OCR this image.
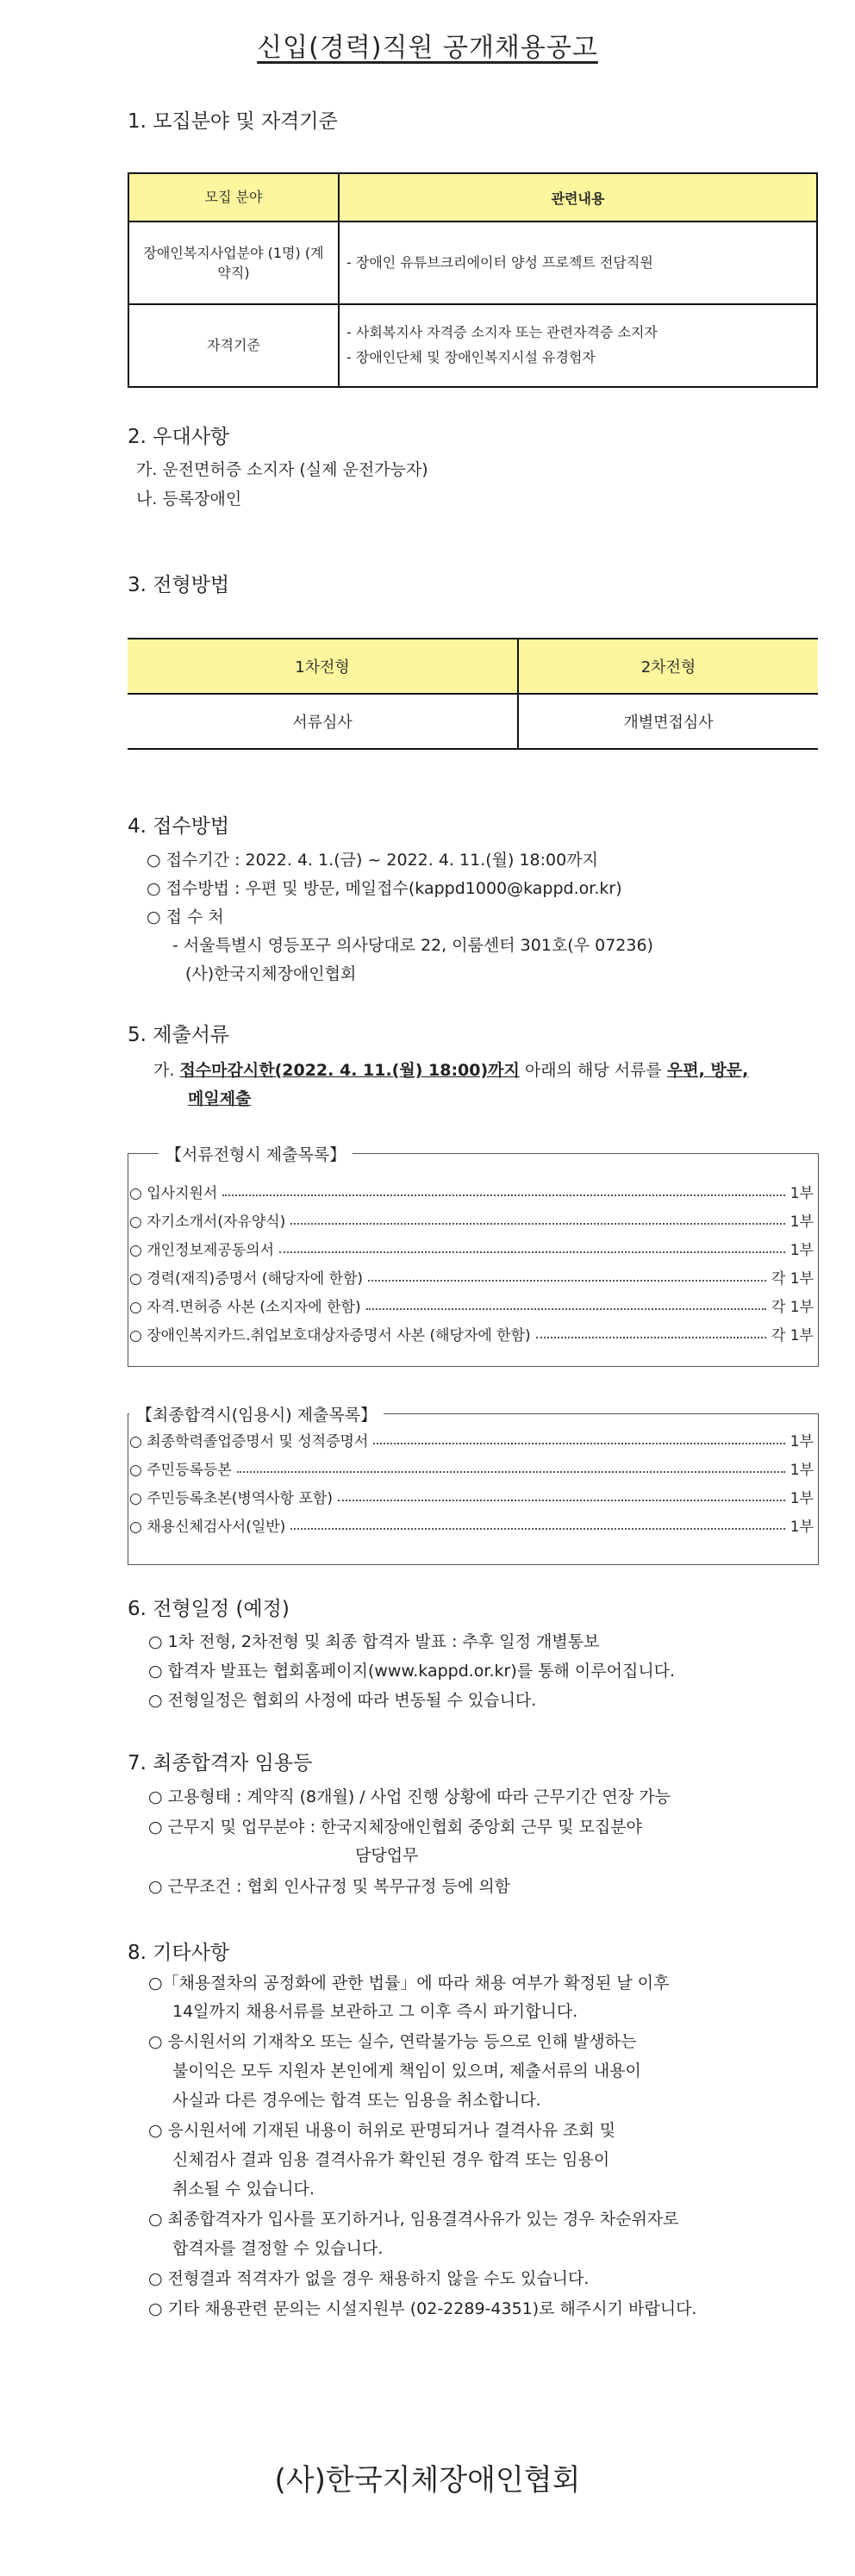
신입(경력)직원 공개채용공고
1. 모집분야 및 자격기준
모집 분야	관련내용
장애인복지사업분야 (1명) (계약직)	- 장애인 유튜브크리에이터 양성 프로젝트 전담직원

자격기준	- 사회복지사 자격증 소지자 또는 관련자격증 소지자
- 장애인단체 및 장애인복지시설 유경험자
2. 우대사항
가. 운전면허증 소지자 (실제 운전가능자)
나. 등록장애인
3. 전형방법
1차전형	2차전형
서류심사	개별면접심사
4. 접수방법
○ 접수기간 : 2022. 4. 1.(금) ~ 2022. 4. 11.(월) 18:00까지
○ 접수방법 : 우편 및 방문, 메일접수(kappd1000@kappd.or.kr)
○ 접 수 처
- 서울특별시 영등포구 의사당대로 22, 이룸센터 301호(우 07236)
(사)한국지체장애인협회
5. 제출서류
가. 접수마감시한(2022. 4. 11.(월) 18:00)까지 아래의 해당 서류를 우편, 방문,
메일제출
【서류전형시 제출목록】
○ 입사지원서	1부
○ 자기소개서(자유양식)	1부
○ 개인정보제공동의서	1부
○ 경력(재직)증명서 (해당자에 한함)	각 1부
○ 자격.면허증 사본 (소지자에 한함)	각 1부
○ 장애인복지카드.취업보호대상자증명서 사본 (해당자에 한함)	각 1부
【최종합격시(임용시) 제출목록】
○ 최종학력졸업증명서 및 성적증명서	1부
○ 주민등록등본	1부
○ 주민등록초본(병역사항 포함)	1부
○ 채용신체검사서(일반)	1부
6. 전형일정 (예정)
○ 1차 전형, 2차전형 및 최종 합격자 발표 : 추후 일정 개별통보
○ 합격자 발표는 협회홈페이지(www.kappd.or.kr)를 통해 이루어집니다.
○ 전형일정은 협회의 사정에 따라 변동될 수 있습니다.
7. 최종합격자 임용등
○ 고용형태 : 계약직 (8개월) / 사업 진행 상황에 따라 근무기간 연장 가능
○ 근무지 및 업무분야 : 한국지체장애인협회 중앙회 근무 및 모집분야
담당업무
○ 근무조건 : 협회 인사규정 및 복무규정 등에 의함
8. 기타사항
○「채용절차의 공정화에 관한 법률」에 따라 채용 여부가 확정된 날 이후
14일까지 채용서류를 보관하고 그 이후 즉시 파기합니다.
○ 응시원서의 기재착오 또는 실수, 연락불가능 등으로 인해 발생하는
불이익은 모두 지원자 본인에게 책임이 있으며, 제출서류의 내용이
사실과 다른 경우에는 합격 또는 임용을 취소합니다.
○ 응시원서에 기재된 내용이 허위로 판명되거나 결격사유 조회 및
신체검사 결과 임용 결격사유가 확인된 경우 합격 또는 임용이
취소될 수 있습니다.
○ 최종합격자가 입사를 포기하거나, 임용결격사유가 있는 경우 차순위자로
합격자를 결정할 수 있습니다.
○ 전형결과 적격자가 없을 경우 채용하지 않을 수도 있습니다.
○ 기타 채용관련 문의는 시설지원부 (02-2289-4351)로 해주시기 바랍니다.
(사)한국지체장애인협회
